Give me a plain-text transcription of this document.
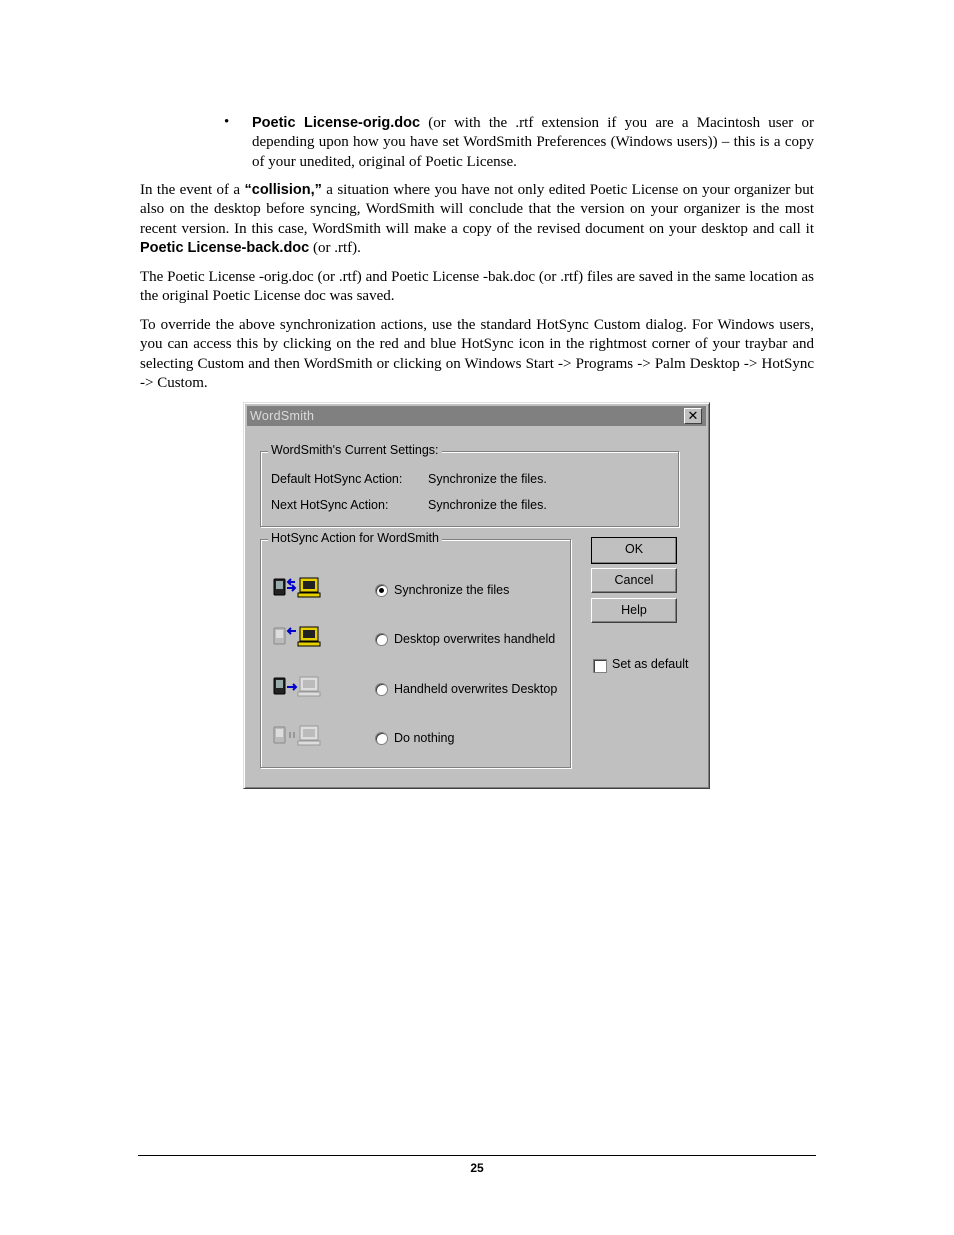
• Poetic License-orig.doc (or with the .rtf extension if you are a Macintosh user or depending upon how you have set WordSmith Preferences (Windows users)) – this is a copy of your unedited, original of Poetic License.
In the event of a “collision,” a situation where you have not only edited Poetic License on your organizer but also on the desktop before syncing, WordSmith will conclude that the version on your organizer is the most recent version. In this case, WordSmith will make a copy of the revised document on your desktop and call it Poetic License-back.doc (or .rtf).
The Poetic License -orig.doc (or .rtf) and Poetic License -bak.doc (or .rtf) files are saved in the same location as the original Poetic License doc was saved.
To override the above synchronization actions, use the standard HotSync Custom dialog. For Windows users, you can access this by clicking on the red and blue HotSync icon in the rightmost corner of your traybar and selecting Custom and then WordSmith or clicking on Windows Start -> Programs -> Palm Desktop -> HotSync -> Custom.
WordSmith	✕
WordSmith's Current Settings:
Default HotSync Action: Synchronize the files.
Next HotSync Action:	Synchronize the files.
HotSync Action for WordSmith
Synchronize the files
Desktop overwrites handheld
Handheld overwrites Desktop
Do nothing
OK
Cancel
Help
Set as default
25
